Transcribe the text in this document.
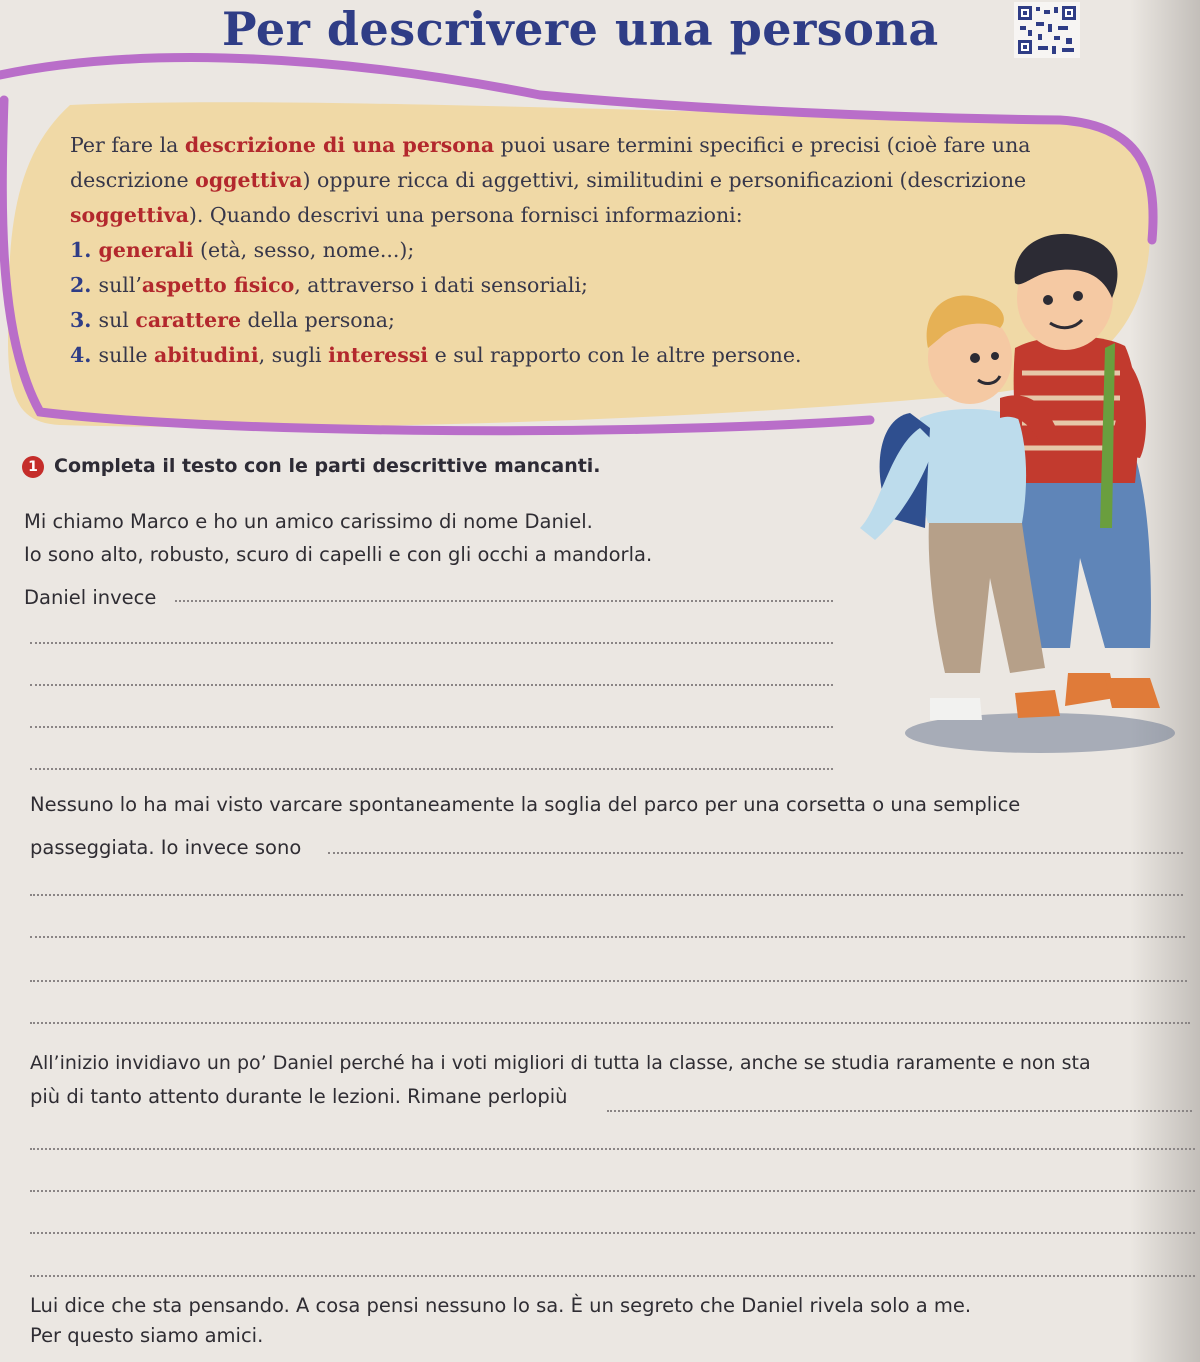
Per descrivere una persona

Per fare la descrizione di una persona puoi usare termini specifici e precisi (cioè fare una descrizione oggettiva) oppure ricca di aggettivi, similitudini e personificazioni (descrizione soggettiva). Quando descrivi una persona fornisci informazioni:

1. generali (età, sesso, nome...);
2. sull’aspetto fisico, attraverso i dati sensoriali;
3. sul carattere della persona;
4. sulle abitudini, sugli interessi e sul rapporto con le altre persone.
1 Completa il testo con le parti descrittive mancanti.
Mi chiamo Marco e ho un amico carissimo di nome Daniel.
Io sono alto, robusto, scuro di capelli e con gli occhi a mandorla.
Daniel invece
Nessuno lo ha mai visto varcare spontaneamente la soglia del parco per una corsetta o una semplice
passeggiata. Io invece sono
All’inizio invidiavo un po’ Daniel perché ha i voti migliori di tutta la classe, anche se studia raramente e non sta
più di tanto attento durante le lezioni. Rimane perlopiù
Lui dice che sta pensando. A cosa pensi nessuno lo sa. È un segreto che Daniel rivela solo a me.
Per questo siamo amici.
